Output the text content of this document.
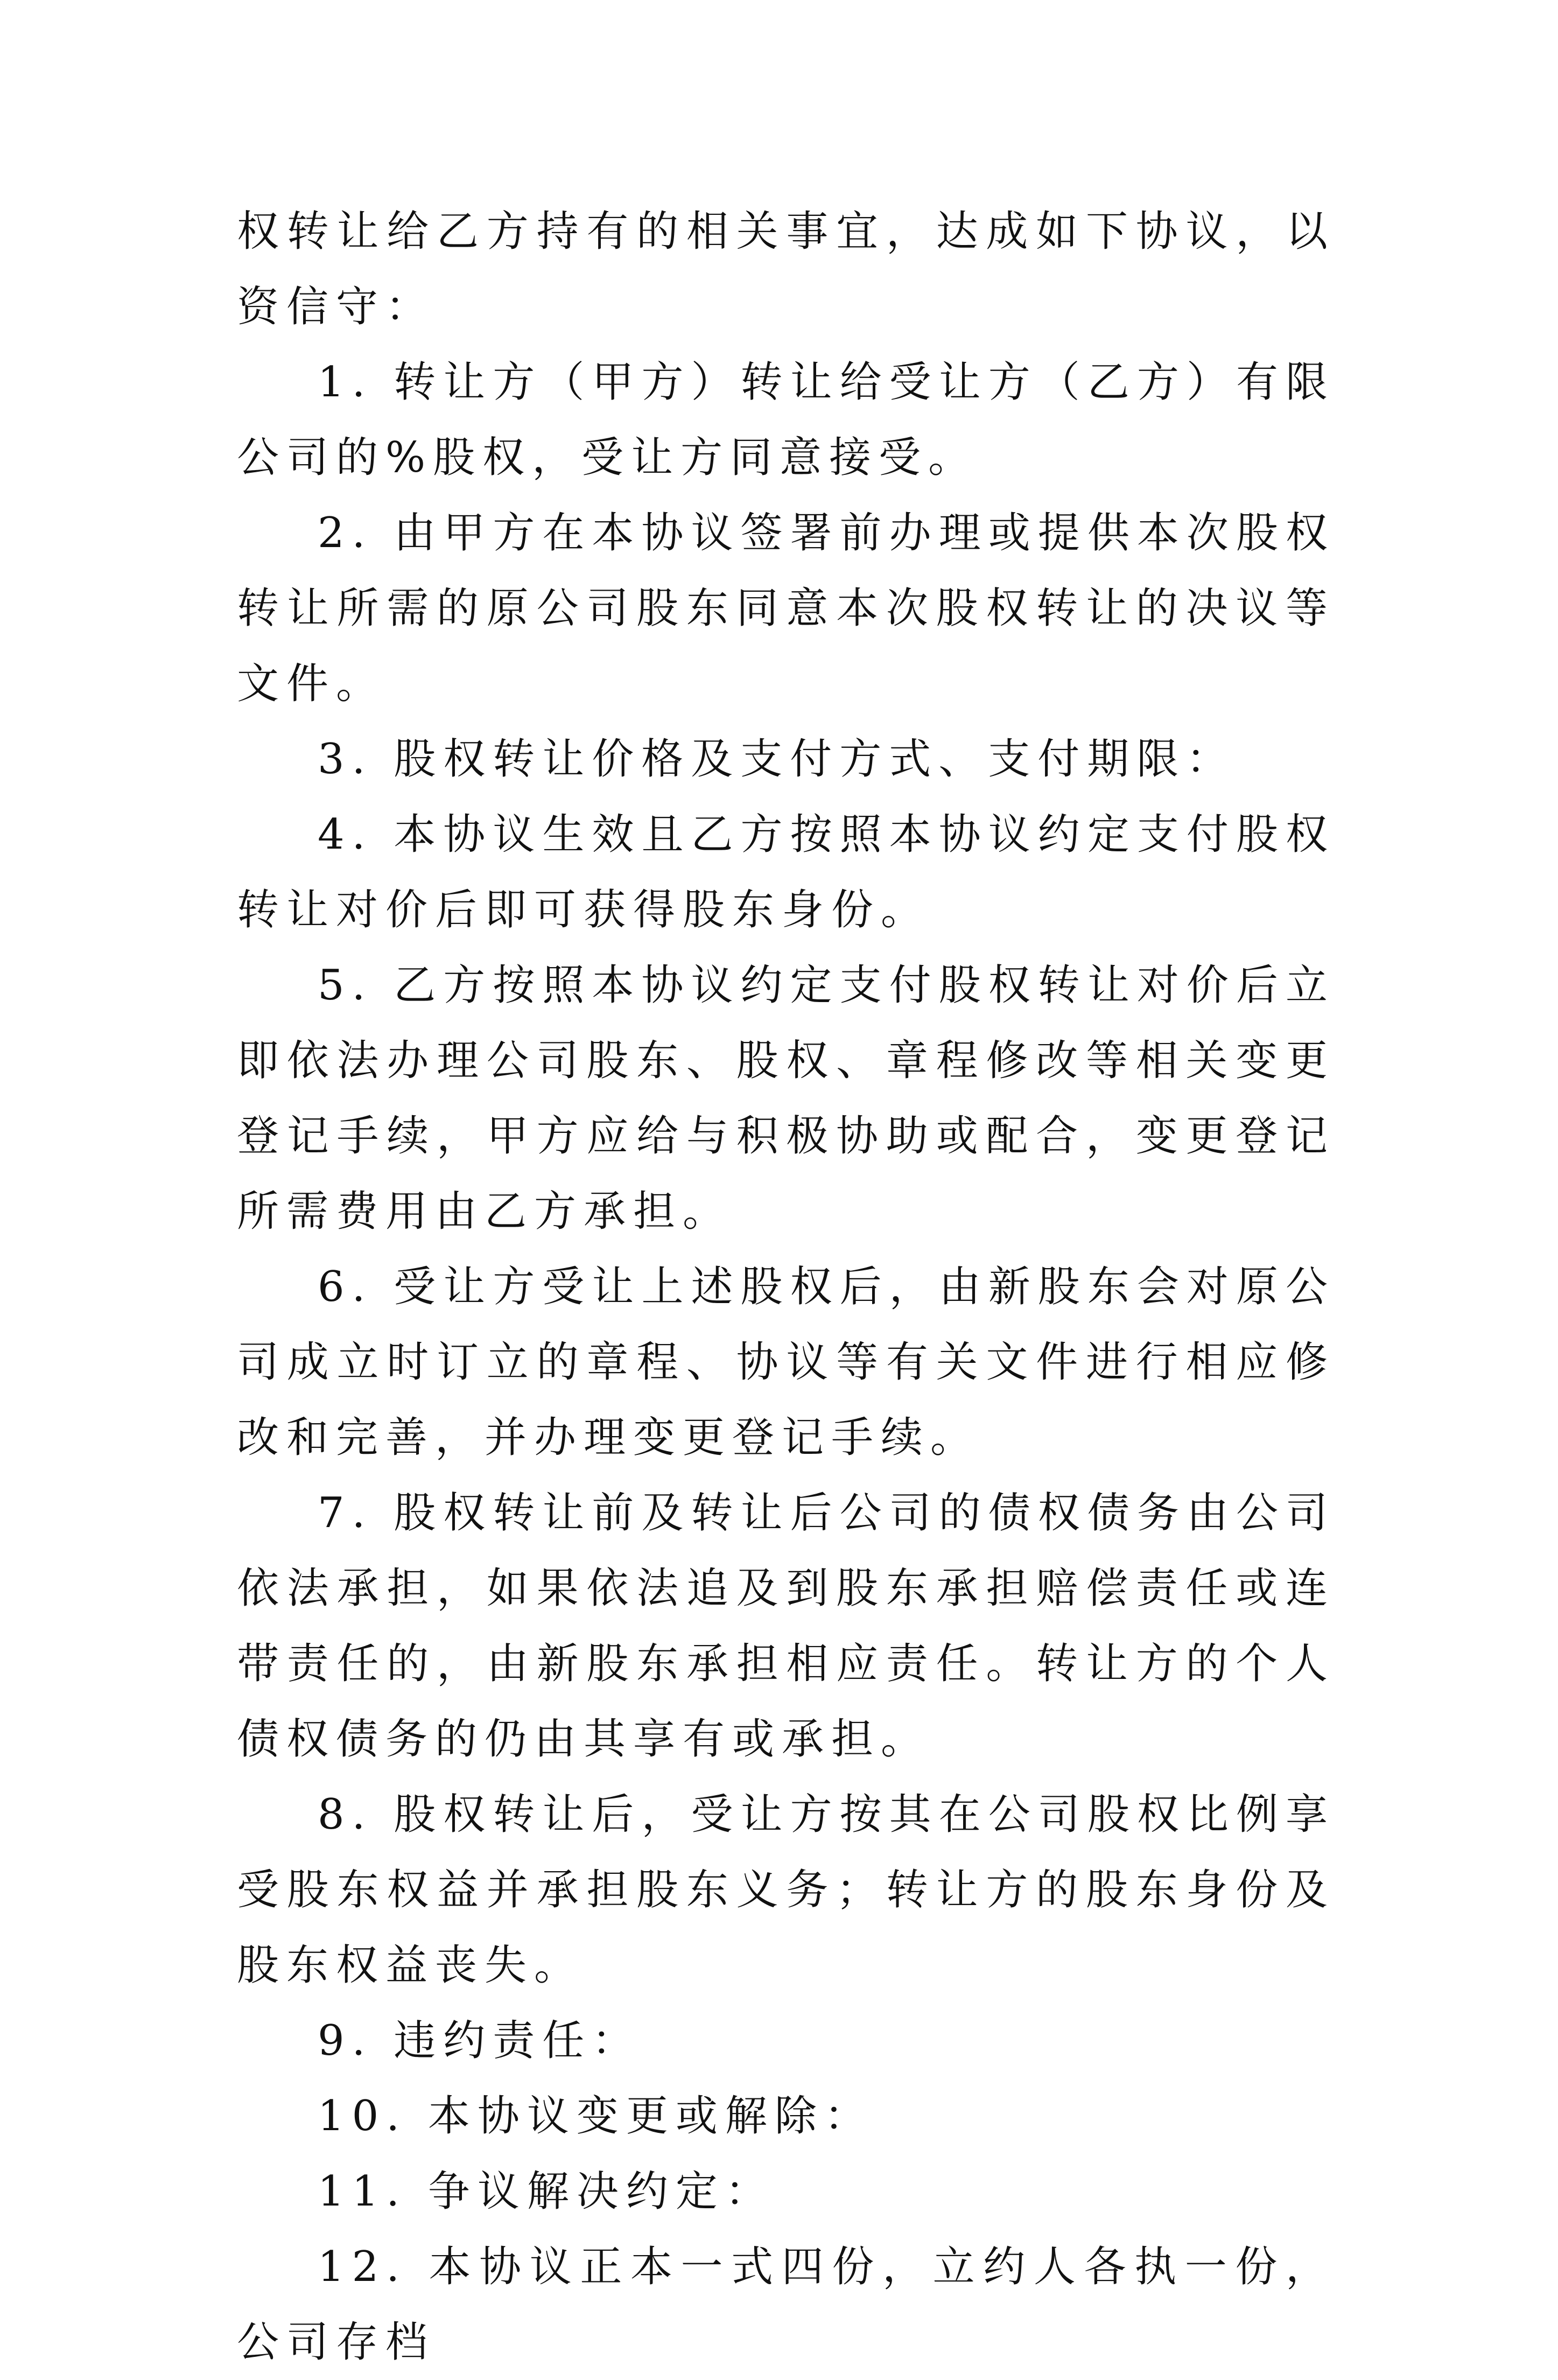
权转让给乙方持有的相关事宜，达成如下协议，以资信守：

1. 转让方（甲方）转让给受让方（乙方）有限公司的%股权，受让方同意接受。

2. 由甲方在本协议签署前办理或提供本次股权转让所需的原公司股东同意本次股权转让的决议等文件。

3. 股权转让价格及支付方式、支付期限：

4. 本协议生效且乙方按照本协议约定支付股权转让对价后即可获得股东身份。

5. 乙方按照本协议约定支付股权转让对价后立即依法办理公司股东、股权、章程修改等相关变更登记手续，甲方应给与积极协助或配合，变更登记所需费用由乙方承担。

6. 受让方受让上述股权后，由新股东会对原公司成立时订立的章程、协议等有关文件进行相应修改和完善，并办理变更登记手续。

7. 股权转让前及转让后公司的债权债务由公司依法承担，如果依法追及到股东承担赔偿责任或连带责任的，由新股东承担相应责任。转让方的个人债权债务的仍由其享有或承担。

8. 股权转让后，受让方按其在公司股权比例享受股东权益并承担股东义务；转让方的股东身份及股东权益丧失。

9. 违约责任：

10. 本协议变更或解除：

11. 争议解决约定：

12. 本协议正本一式四份，立约人各执一份，公司存档
